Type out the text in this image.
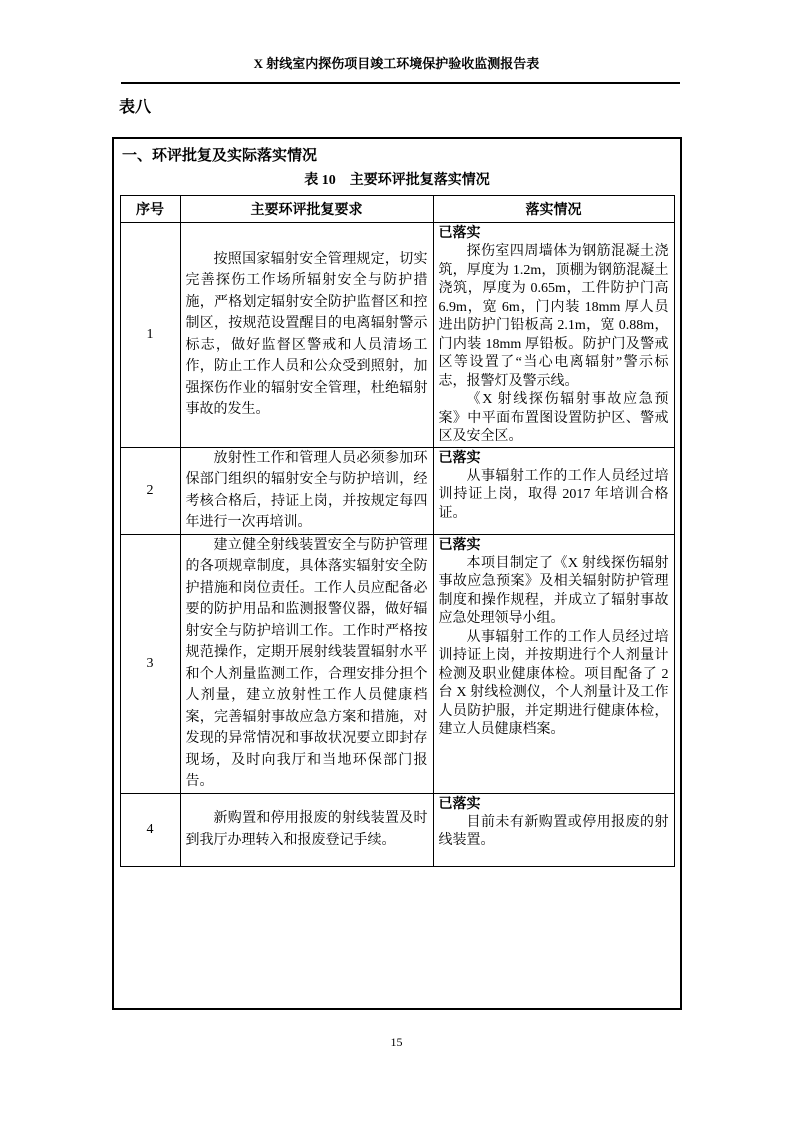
X 射线室内探伤项目竣工环境保护验收监测报告表
表八
一、环评批复及实际落实情况
表 10　主要环评批复落实情况
序号	主要环评批复要求	落实情况
1	按照国家辐射安全管理规定，切实完善探伤工作场所辐射安全与防护措施，严格划定辐射安全防护监督区和控制区，按规范设置醒目的电离辐射警示标志，做好监督区警戒和人员清场工作，防止工作人员和公众受到照射，加强探伤作业的辐射安全管理，杜绝辐射事故的发生。	已落实

探伤室四周墙体为钢筋混凝土浇筑，厚度为 1.2m，顶棚为钢筋混凝土浇筑，厚度为 0.65m，工件防护门高 6.9m，宽 6m，门内装 18mm 厚人员进出防护门铅板高 2.1m，宽 0.88m，门内装 18mm 厚铅板。防护门及警戒区等设置了“当心电离辐射”警示标志，报警灯及警示线。

《X 射线探伤辐射事故应急预案》中平面布置图设置防护区、警戒区及安全区。

2	放射性工作和管理人员必须参加环保部门组织的辐射安全与防护培训，经考核合格后，持证上岗，并按规定每四年进行一次再培训。	已落实

从事辐射工作的工作人员经过培训持证上岗，取得 2017 年培训合格证。

3	建立健全射线装置安全与防护管理的各项规章制度，具体落实辐射安全防护措施和岗位责任。工作人员应配备必要的防护用品和监测报警仪器，做好辐射安全与防护培训工作。工作时严格按规范操作，定期开展射线装置辐射水平和个人剂量监测工作，合理安排分担个人剂量，建立放射性工作人员健康档案，完善辐射事故应急方案和措施，对发现的异常情况和事故状况要立即封存现场，及时向我厅和当地环保部门报告。	已落实

本项目制定了《X 射线探伤辐射事故应急预案》及相关辐射防护管理制度和操作规程，并成立了辐射事故应急处理领导小组。

从事辐射工作的工作人员经过培训持证上岗，并按期进行个人剂量计检测及职业健康体检。项目配备了 2 台 X 射线检测仪，个人剂量计及工作人员防护服，并定期进行健康体检，建立人员健康档案。

4	新购置和停用报废的射线装置及时到我厅办理转入和报废登记手续。	已落实

目前未有新购置或停用报废的射线装置。

15
